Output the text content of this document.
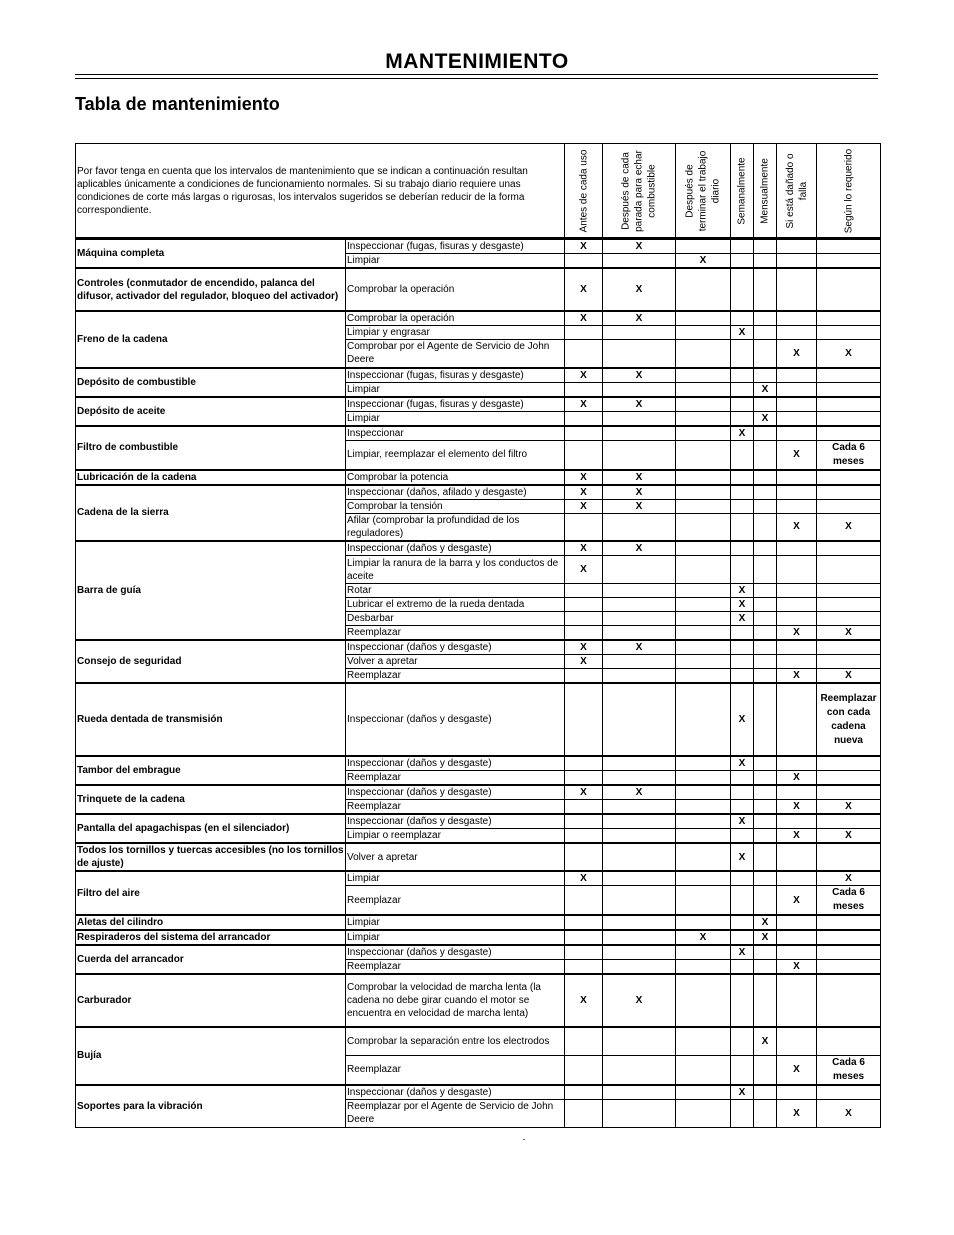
MANTENIMIENTO
Tabla de mantenimiento
Por favor tenga en cuenta que los intervalos de mantenimiento que se indican a continuación resultan aplicables únicamente a condiciones de funcionamiento normales. Si su trabajo diario requiere unas condiciones de corte más largas o rigurosas, los intervalos sugeridos se deberían reducir de la forma correspondiente.		Antes de cada uso	Después de cada parada para echar combustible	Después de terminar el trabajo diario	Semanalmente	Mensualmente	Si está dañado o falla	Según lo requerido

Máquina completa	Inspeccionar (fugas, fisuras y desgaste)	X	X					
	Limpiar			X				
Controles (conmutador de encendido, palanca del difusor, activador del regulador, bloqueo del activador)	Comprobar la operación	X	X					
Freno de la cadena	Comprobar la operación	X	X					
	Limpiar y engrasar				X			
	Comprobar por el Agente de Servicio de John Deere						X	X
Depósito de combustible	Inspeccionar (fugas, fisuras y desgaste)	X	X					
	Limpiar					X		
Depósito de aceite	Inspeccionar (fugas, fisuras y desgaste)	X	X					
	Limpiar					X		
Filtro de combustible	Inspeccionar				X			
	Limpiar, reemplazar el elemento del filtro						X	Cada 6 meses
Lubricación de la cadena	Comprobar la potencia	X	X					
Cadena de la sierra	Inspeccionar (daños, afilado y desgaste)	X	X					
	Comprobar la tensión	X	X					
	Afilar (comprobar la profundidad de los reguladores)						X	X
Barra de guía	Inspeccionar (daños y desgaste)	X	X					
	Limpiar la ranura de la barra y los conductos de aceite	X						
	Rotar				X			
	Lubricar el extremo de la rueda dentada				X			
	Desbarbar				X			
	Reemplazar						X	X
Consejo de seguridad	Inspeccionar (daños y desgaste)	X	X					
	Volver a apretar	X						
	Reemplazar						X	X
Rueda dentada de transmisión	Inspeccionar (daños y desgaste)				X			Reemplazar con cada cadena nueva
Tambor del embrague	Inspeccionar (daños y desgaste)				X			
	Reemplazar						X	
Trinquete de la cadena	Inspeccionar (daños y desgaste)	X	X					
	Reemplazar						X	X
Pantalla del apagachispas (en el silenciador)	Inspeccionar (daños y desgaste)				X			
	Limpiar o reemplazar						X	X
Todos los tornillos y tuercas accesibles (no los tornillos de ajuste)	Volver a apretar				X			
Filtro del aire	Limpiar	X						X
	Reemplazar						X	Cada 6 meses
Aletas del cilindro	Limpiar					X		
Respiraderos del sistema del arrancador	Limpiar			X		X		
Cuerda del arrancador	Inspeccionar (daños y desgaste)				X			
	Reemplazar						X	
Carburador	Comprobar la velocidad de marcha lenta (la cadena no debe girar cuando el motor se encuentra en velocidad de marcha lenta)	X	X					
Bujía	Comprobar la separación entre los electrodos					X		
	Reemplazar						X	Cada 6 meses
Soportes para la vibración	Inspeccionar (daños y desgaste)				X			
	Reemplazar por el Agente de Servicio de John Deere						X	X
